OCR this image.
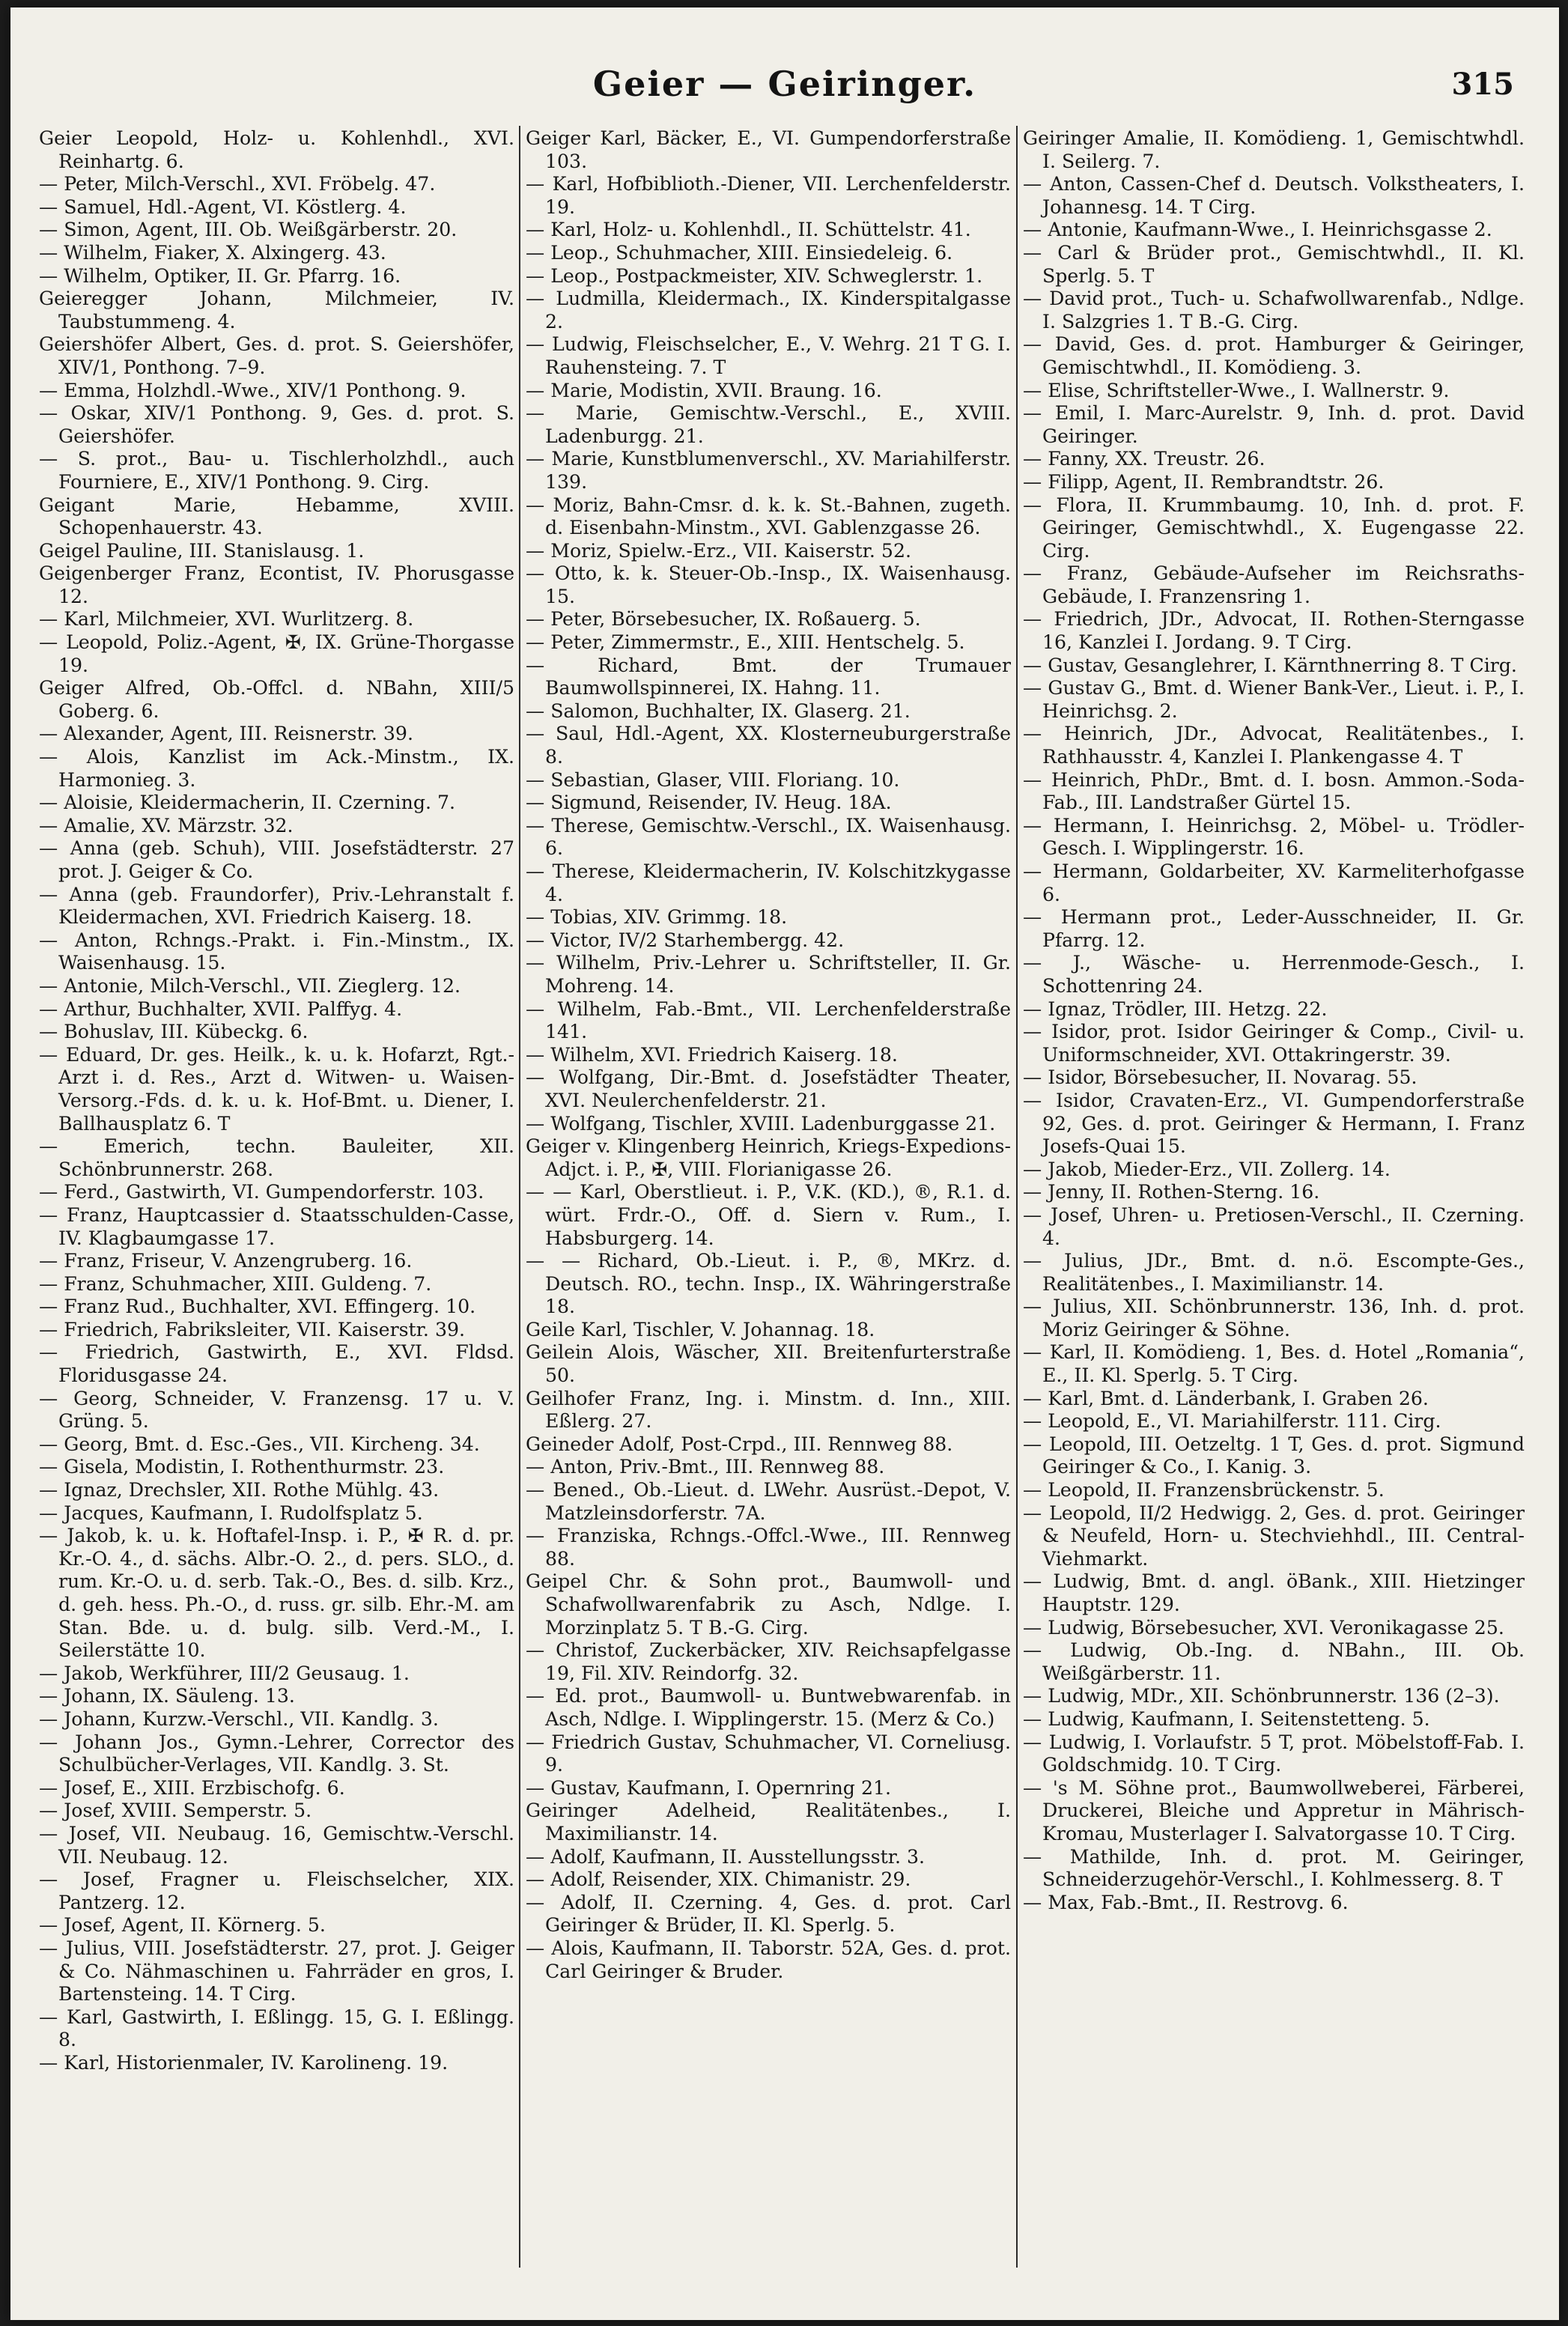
Geier — Geiringer.	315

Geier Leopold, Holz- u. Kohlenhdl., XVI. Reinhartg. 6.

— Peter, Milch-Verschl., XVI. Fröbelg. 47.

— Samuel, Hdl.-Agent, VI. Köstlerg. 4.

— Simon, Agent, III. Ob. Weißgärberstr. 20.

— Wilhelm, Fiaker, X. Alxingerg. 43.

— Wilhelm, Optiker, II. Gr. Pfarrg. 16.

Geieregger Johann, Milchmeier, IV. Taubstummeng. 4.

Geiershöfer Albert, Ges. d. prot. S. Geiershöfer, XIV/1, Ponthong. 7–9.

— Emma, Holzhdl.-Wwe., XIV/1 Ponthong. 9.

— Oskar, XIV/1 Ponthong. 9, Ges. d. prot. S. Geiershöfer.

— S. prot., Bau- u. Tischlerholzhdl., auch Fourniere, E., XIV/1 Ponthong. 9. Cirg.

Geigant Marie, Hebamme, XVIII. Schopenhauerstr. 43.

Geigel Pauline, III. Stanislausg. 1.

Geigenberger Franz, Econtist, IV. Phorusgasse 12.

— Karl, Milchmeier, XVI. Wurlitzerg. 8.

— Leopold, Poliz.-Agent, ✠, IX. Grüne-Thorgasse 19.

Geiger Alfred, Ob.-Offcl. d. NBahn, XIII/5 Goberg. 6.

— Alexander, Agent, III. Reisnerstr. 39.

— Alois, Kanzlist im Ack.-Minstm., IX. Harmonieg. 3.

— Aloisie, Kleidermacherin, II. Czerning. 7.

— Amalie, XV. Märzstr. 32.

— Anna (geb. Schuh), VIII. Josefstädterstr. 27 prot. J. Geiger & Co.

— Anna (geb. Fraundorfer), Priv.-Lehranstalt f. Kleidermachen, XVI. Friedrich Kaiserg. 18.

— Anton, Rchngs.-Prakt. i. Fin.-Minstm., IX. Waisenhausg. 15.

— Antonie, Milch-Verschl., VII. Zieglerg. 12.

— Arthur, Buchhalter, XVII. Palffyg. 4.

— Bohuslav, III. Kübeckg. 6.

— Eduard, Dr. ges. Heilk., k. u. k. Hofarzt, Rgt.-Arzt i. d. Res., Arzt d. Witwen- u. Waisen-Versorg.-Fds. d. k. u. k. Hof-Bmt. u. Diener, I. Ballhausplatz 6. T

— Emerich, techn. Bauleiter, XII. Schönbrunnerstr. 268.

— Ferd., Gastwirth, VI. Gumpendorferstr. 103.

— Franz, Hauptcassier d. Staatsschulden-Casse, IV. Klagbaumgasse 17.

— Franz, Friseur, V. Anzengruberg. 16.

— Franz, Schuhmacher, XIII. Guldeng. 7.

— Franz Rud., Buchhalter, XVI. Effingerg. 10.

— Friedrich, Fabriksleiter, VII. Kaiserstr. 39.

— Friedrich, Gastwirth, E., XVI. Fldsd. Floridusgasse 24.

— Georg, Schneider, V. Franzensg. 17 u. V. Grüng. 5.

— Georg, Bmt. d. Esc.-Ges., VII. Kircheng. 34.

— Gisela, Modistin, I. Rothenthurmstr. 23.

— Ignaz, Drechsler, XII. Rothe Mühlg. 43.

— Jacques, Kaufmann, I. Rudolfsplatz 5.

— Jakob, k. u. k. Hoftafel-Insp. i. P., ✠ R. d. pr. Kr.-O. 4., d. sächs. Albr.-O. 2., d. pers. SLO., d. rum. Kr.-O. u. d. serb. Tak.-O., Bes. d. silb. Krz., d. geh. hess. Ph.-O., d. russ. gr. silb. Ehr.-M. am Stan. Bde. u. d. bulg. silb. Verd.-M., I. Seilerstätte 10.

— Jakob, Werkführer, III/2 Geusaug. 1.

— Johann, IX. Säuleng. 13.

— Johann, Kurzw.-Verschl., VII. Kandlg. 3.

— Johann Jos., Gymn.-Lehrer, Corrector des Schulbücher-Verlages, VII. Kandlg. 3. St.

— Josef, E., XIII. Erzbischofg. 6.

— Josef, XVIII. Semperstr. 5.

— Josef, VII. Neubaug. 16, Gemischtw.-Verschl. VII. Neubaug. 12.

— Josef, Fragner u. Fleischselcher, XIX. Pantzerg. 12.

— Josef, Agent, II. Körnerg. 5.

— Julius, VIII. Josefstädterstr. 27, prot. J. Geiger & Co. Nähmaschinen u. Fahrräder en gros, I. Bartensteing. 14. T Cirg.

— Karl, Gastwirth, I. Eßlingg. 15, G. I. Eßlingg. 8.

— Karl, Historienmaler, IV. Karolineng. 19.

Geiger Karl, Bäcker, E., VI. Gumpendorferstraße 103.

— Karl, Hofbiblioth.-Diener, VII. Lerchenfelderstr. 19.

— Karl, Holz- u. Kohlenhdl., II. Schüttelstr. 41.

— Leop., Schuhmacher, XIII. Einsiedeleig. 6.

— Leop., Postpackmeister, XIV. Schweglerstr. 1.

— Ludmilla, Kleidermach., IX. Kinderspitalgasse 2.

— Ludwig, Fleischselcher, E., V. Wehrg. 21 T G. I. Rauhensteing. 7. T

— Marie, Modistin, XVII. Braung. 16.

— Marie, Gemischtw.-Verschl., E., XVIII. Ladenburgg. 21.

— Marie, Kunstblumenverschl., XV. Mariahilferstr. 139.

— Moriz, Bahn-Cmsr. d. k. k. St.-Bahnen, zugeth. d. Eisenbahn-Minstm., XVI. Gablenzgasse 26.

— Moriz, Spielw.-Erz., VII. Kaiserstr. 52.

— Otto, k. k. Steuer-Ob.-Insp., IX. Waisenhausg. 15.

— Peter, Börsebesucher, IX. Roßauerg. 5.

— Peter, Zimmermstr., E., XIII. Hentschelg. 5.

— Richard, Bmt. der Trumauer Baumwollspinnerei, IX. Hahng. 11.

— Salomon, Buchhalter, IX. Glaserg. 21.

— Saul, Hdl.-Agent, XX. Klosterneuburgerstraße 8.

— Sebastian, Glaser, VIII. Floriang. 10.

— Sigmund, Reisender, IV. Heug. 18A.

— Therese, Gemischtw.-Verschl., IX. Waisenhausg. 6.

— Therese, Kleidermacherin, IV. Kolschitzkygasse 4.

— Tobias, XIV. Grimmg. 18.

— Victor, IV/2 Starhembergg. 42.

— Wilhelm, Priv.-Lehrer u. Schriftsteller, II. Gr. Mohreng. 14.

— Wilhelm, Fab.-Bmt., VII. Lerchenfelderstraße 141.

— Wilhelm, XVI. Friedrich Kaiserg. 18.

— Wolfgang, Dir.-Bmt. d. Josefstädter Theater, XVI. Neulerchenfelderstr. 21.

— Wolfgang, Tischler, XVIII. Ladenburggasse 21.

Geiger v. Klingenberg Heinrich, Kriegs-Expedions-Adjct. i. P., ✠, VIII. Florianigasse 26.

— — Karl, Oberstlieut. i. P., V.K. (KD.), ®, R.1. d. würt. Frdr.-O., Off. d. Siern v. Rum., I. Habsburgerg. 14.

— — Richard, Ob.-Lieut. i. P., ®, MKrz. d. Deutsch. RO., techn. Insp., IX. Währingerstraße 18.

Geile Karl, Tischler, V. Johannag. 18.

Geilein Alois, Wäscher, XII. Breitenfurterstraße 50.

Geilhofer Franz, Ing. i. Minstm. d. Inn., XIII. Eßlerg. 27.

Geineder Adolf, Post-Crpd., III. Rennweg 88.

— Anton, Priv.-Bmt., III. Rennweg 88.

— Bened., Ob.-Lieut. d. LWehr. Ausrüst.-Depot, V. Matzleinsdorferstr. 7A.

— Franziska, Rchngs.-Offcl.-Wwe., III. Rennweg 88.

Geipel Chr. & Sohn prot., Baumwoll- und Schafwollwarenfabrik zu Asch, Ndlge. I. Morzinplatz 5. T B.-G. Cirg.

— Christof, Zuckerbäcker, XIV. Reichsapfelgasse 19, Fil. XIV. Reindorfg. 32.

— Ed. prot., Baumwoll- u. Buntwebwarenfab. in Asch, Ndlge. I. Wipplingerstr. 15. (Merz & Co.)

— Friedrich Gustav, Schuhmacher, VI. Corneliusg. 9.

— Gustav, Kaufmann, I. Opernring 21.

Geiringer Adelheid, Realitätenbes., I. Maximilianstr. 14.

— Adolf, Kaufmann, II. Ausstellungsstr. 3.

— Adolf, Reisender, XIX. Chimanistr. 29.

— Adolf, II. Czerning. 4, Ges. d. prot. Carl Geiringer & Brüder, II. Kl. Sperlg. 5.

— Alois, Kaufmann, II. Taborstr. 52A, Ges. d. prot. Carl Geiringer & Bruder.

Geiringer Amalie, II. Komödieng. 1, Gemischtwhdl. I. Seilerg. 7.

— Anton, Cassen-Chef d. Deutsch. Volkstheaters, I. Johannesg. 14. T Cirg.

— Antonie, Kaufmann-Wwe., I. Heinrichsgasse 2.

— Carl & Brüder prot., Gemischtwhdl., II. Kl. Sperlg. 5. T

— David prot., Tuch- u. Schafwollwarenfab., Ndlge. I. Salzgries 1. T B.-G. Cirg.

— David, Ges. d. prot. Hamburger & Geiringer, Gemischtwhdl., II. Komödieng. 3.

— Elise, Schriftsteller-Wwe., I. Wallnerstr. 9.

— Emil, I. Marc-Aurelstr. 9, Inh. d. prot. David Geiringer.

— Fanny, XX. Treustr. 26.

— Filipp, Agent, II. Rembrandtstr. 26.

— Flora, II. Krummbaumg. 10, Inh. d. prot. F. Geiringer, Gemischtwhdl., X. Eugengasse 22. Cirg.

— Franz, Gebäude-Aufseher im Reichsraths-Gebäude, I. Franzensring 1.

— Friedrich, JDr., Advocat, II. Rothen-Sterngasse 16, Kanzlei I. Jordang. 9. T Cirg.

— Gustav, Gesanglehrer, I. Kärnthnerring 8. T Cirg.

— Gustav G., Bmt. d. Wiener Bank-Ver., Lieut. i. P., I. Heinrichsg. 2.

— Heinrich, JDr., Advocat, Realitätenbes., I. Rathhausstr. 4, Kanzlei I. Plankengasse 4. T

— Heinrich, PhDr., Bmt. d. I. bosn. Ammon.-Soda-Fab., III. Landstraßer Gürtel 15.

— Hermann, I. Heinrichsg. 2, Möbel- u. Trödler-Gesch. I. Wipplingerstr. 16.

— Hermann, Goldarbeiter, XV. Karmeliterhofgasse 6.

— Hermann prot., Leder-Ausschneider, II. Gr. Pfarrg. 12.

— J., Wäsche- u. Herrenmode-Gesch., I. Schottenring 24.

— Ignaz, Trödler, III. Hetzg. 22.

— Isidor, prot. Isidor Geiringer & Comp., Civil- u. Uniformschneider, XVI. Ottakringerstr. 39.

— Isidor, Börsebesucher, II. Novarag. 55.

— Isidor, Cravaten-Erz., VI. Gumpendorferstraße 92, Ges. d. prot. Geiringer & Hermann, I. Franz Josefs-Quai 15.

— Jakob, Mieder-Erz., VII. Zollerg. 14.

— Jenny, II. Rothen-Sterng. 16.

— Josef, Uhren- u. Pretiosen-Verschl., II. Czerning. 4.

— Julius, JDr., Bmt. d. n.ö. Escompte-Ges., Realitätenbes., I. Maximilianstr. 14.

— Julius, XII. Schönbrunnerstr. 136, Inh. d. prot. Moriz Geiringer & Söhne.

— Karl, II. Komödieng. 1, Bes. d. Hotel „Romania“, E., II. Kl. Sperlg. 5. T Cirg.

— Karl, Bmt. d. Länderbank, I. Graben 26.

— Leopold, E., VI. Mariahilferstr. 111. Cirg.

— Leopold, III. Oetzeltg. 1 T, Ges. d. prot. Sigmund Geiringer & Co., I. Kanig. 3.

— Leopold, II. Franzensbrückenstr. 5.

— Leopold, II/2 Hedwigg. 2, Ges. d. prot. Geiringer & Neufeld, Horn- u. Stechviehhdl., III. Central-Viehmarkt.

— Ludwig, Bmt. d. angl. öBank., XIII. Hietzinger Hauptstr. 129.

— Ludwig, Börsebesucher, XVI. Veronikagasse 25.

— Ludwig, Ob.-Ing. d. NBahn., III. Ob. Weißgärberstr. 11.

— Ludwig, MDr., XII. Schönbrunnerstr. 136 (2–3).

— Ludwig, Kaufmann, I. Seitenstetteng. 5.

— Ludwig, I. Vorlaufstr. 5 T, prot. Möbelstoff-Fab. I. Goldschmidg. 10. T Cirg.

— 's M. Söhne prot., Baumwollweberei, Färberei, Druckerei, Bleiche und Appretur in Mährisch-Kromau, Musterlager I. Salvatorgasse 10. T Cirg.

— Mathilde, Inh. d. prot. M. Geiringer, Schneiderzugehör-Verschl., I. Kohlmesserg. 8. T

— Max, Fab.-Bmt., II. Restrovg. 6.
